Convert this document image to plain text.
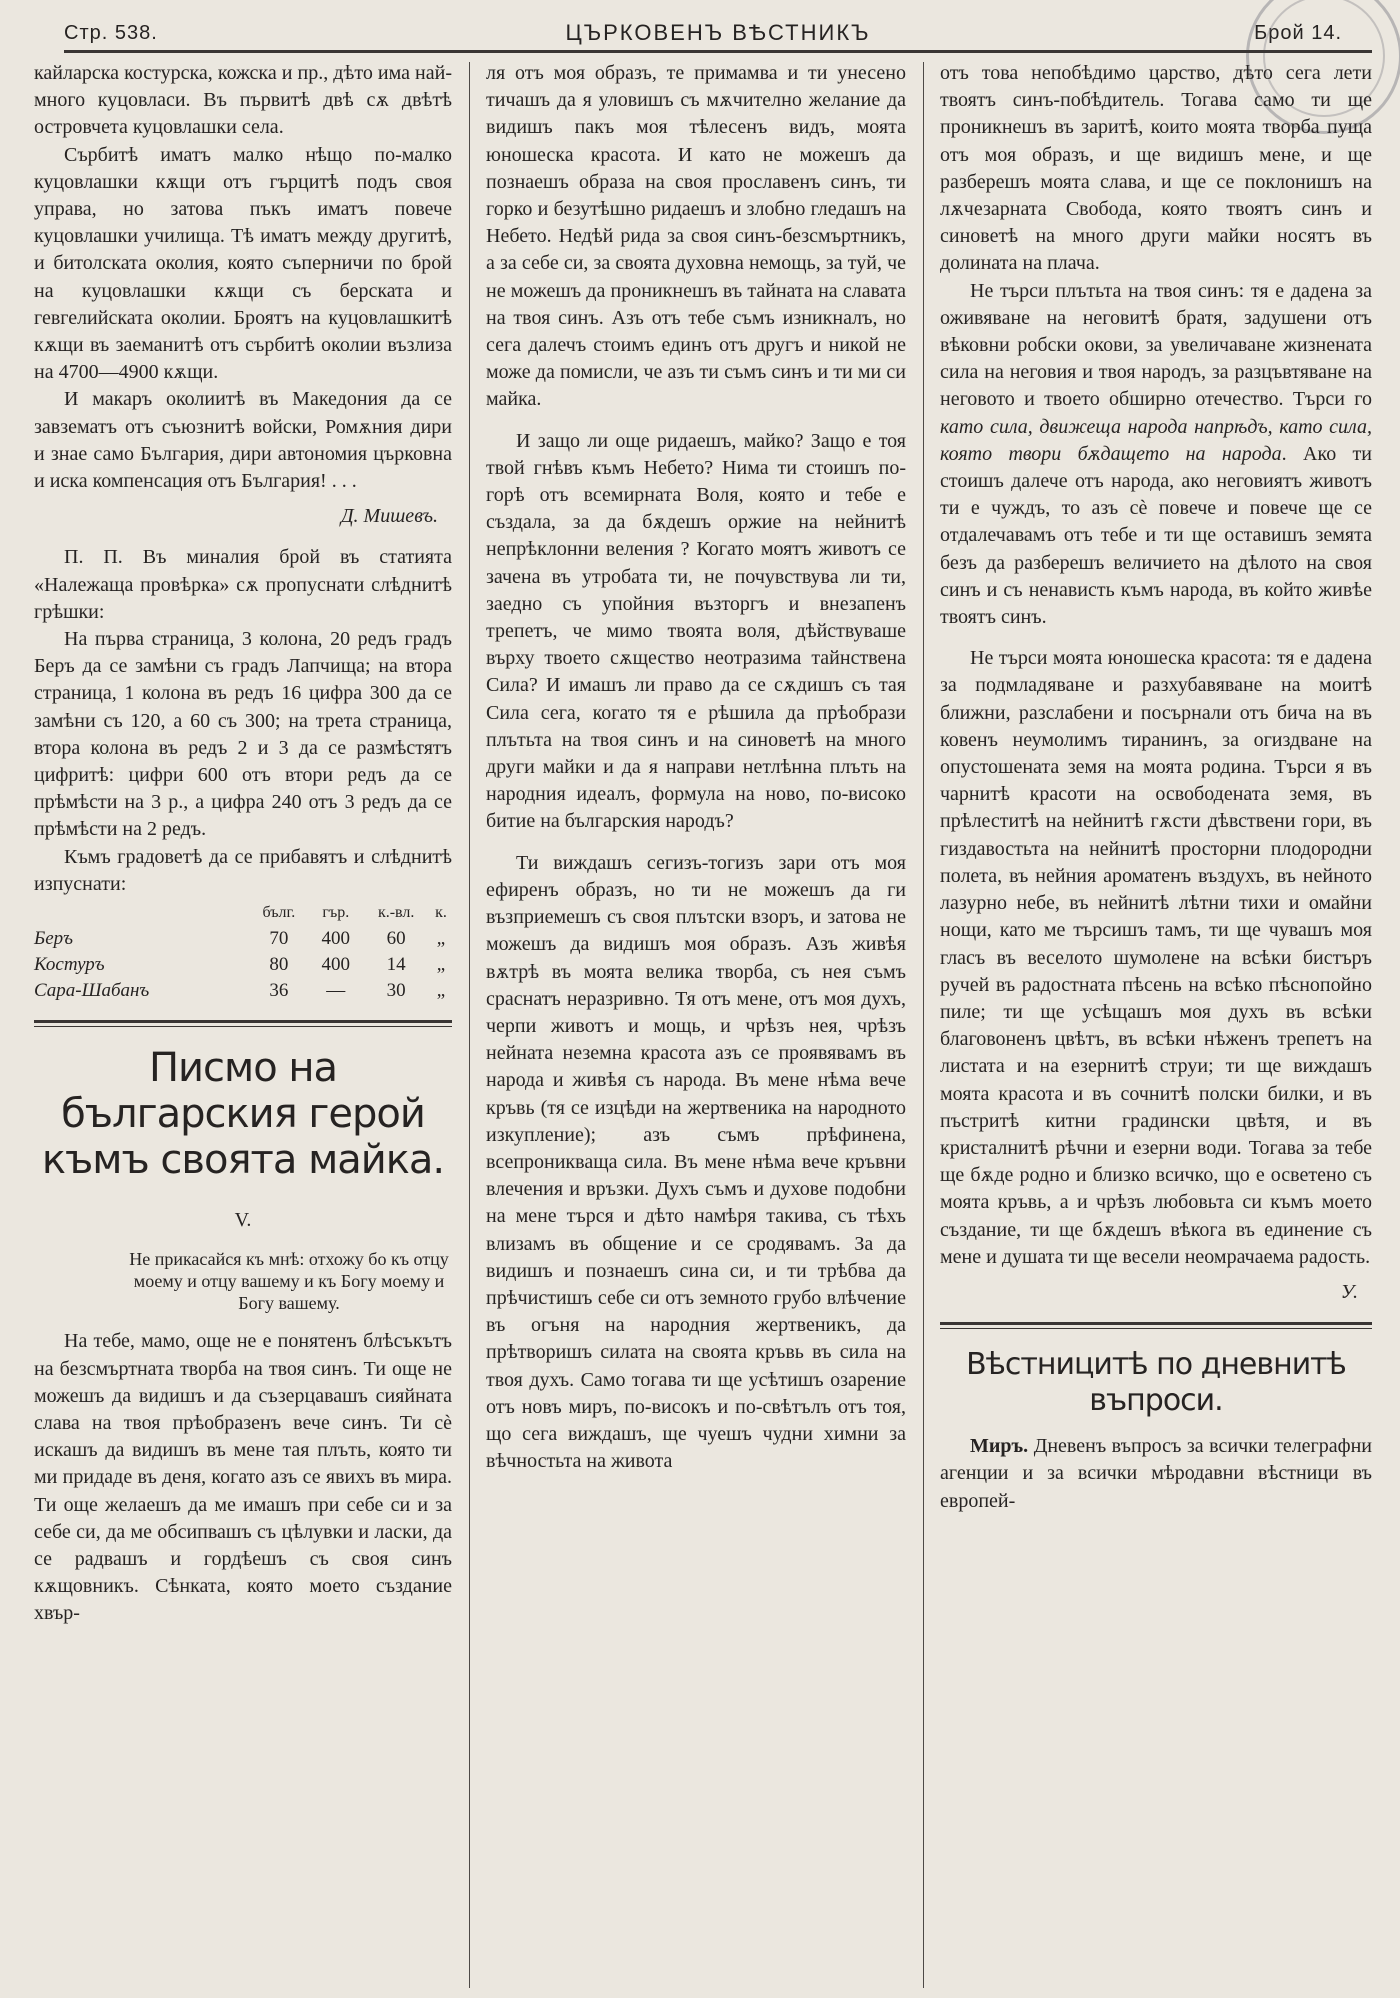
Стр. 538.	ЦЪРКОВЕНЪ ВѢСТНИКЪ	Брой 14.

кайларска костурска, кожска и пр., дѣто има най-много куцовласи. Въ първитѣ двѣ сѫ двѣтѣ островчета куцовлашки села.

Сърбитѣ иматъ малко нѣщо по-малко куцовлашки кѫщи отъ гърцитѣ подъ своя управа, но затова пъкъ иматъ повече куцовлашки училища. Тѣ иматъ между другитѣ, и битолската околия, която съперничи по брой на куцовлашки кѫщи съ берската и гевгелийската околии. Броятъ на куцовлашкитѣ кѫщи въ заеманитѣ отъ сърбитѣ околии възлиза на 4700—4900 кѫщи.

И макаръ околиитѣ въ Македония да се завзематъ отъ съюзнитѣ войски, Ромѫния дири и знае само България, дири автономия църковна и иска компенсация отъ България! . . .

Д. Мишевъ.

П. П. Въ миналия брой въ статията «Належаща провѣрка» сѫ пропуснати слѣднитѣ грѣшки:

На първа страница, 3 колона, 20 редъ градъ Беръ да се замѣни съ градъ Лапчища; на втора страница, 1 колона въ редъ 16 цифра 300 да се замѣни съ 120, а 60 съ 300; на трета страница, втора колона въ редъ 2 и 3 да се размѣстятъ цифритѣ: цифри 600 отъ втори редъ да се прѣмѣсти на 3 р., а цифра 240 отъ 3 редъ да се прѣмѣсти на 2 редъ.

Къмъ градоветѣ да се прибавятъ и слѣднитѣ изпуснати:

	бълг.	гър.	к.-вл.	к.
Беръ	70	400	60	„
Костуръ	80	400	14	„
Сара-Шабанъ	36	—	30	„
Писмо на българския герой
къмъ своята майка.
V.
Не прикасайся къ мнѣ: отхожу бо къ отцу моему и отцу вашему и къ Богу моему и Богу вашему.

На тебе, мамо, още не е понятенъ блѣсъкътъ на безсмъртната творба на твоя синъ. Ти още не можешъ да видишъ и да съзерцавашъ сияйната слава на твоя прѣобразенъ вече синъ. Ти сѐ искашъ да видишъ въ мене тая плъть, която ти ми придаде въ деня, когато азъ се явихъ въ мира. Ти още желаешъ да ме имашъ при себе си и за себе си, да ме обсипвашъ съ цѣлувки и ласки, да се радвашъ и гордѣешъ съ своя синъ кѫщовникъ. Сѣнката, която моето създание хвър-

ля отъ моя образъ, те примамва и ти унесено тичашъ да я уловишъ съ мѫчително желание да видишъ пакъ моя тѣлесенъ видъ, моята юношеска красота. И като не можешъ да познаешъ образа на своя прославенъ синъ, ти горко и безутѣшно ридаешъ и злобно гледашъ на Небето. Недѣй рида за своя синъ-безсмъртникъ, а за себе си, за своята духовна немощь, за туй, че не можешъ да проникнешъ въ тайната на славата на твоя синъ. Азъ отъ тебе съмъ изникналъ, но сега далечъ стоимъ единъ отъ другъ и никой не може да помисли, че азъ ти съмъ синъ и ти ми си майка.

И защо ли още ридаешъ, майко? Защо е тоя твой гнѣвъ къмъ Небето? Нима ти стоишъ по-горѣ отъ всемирната Воля, която и тебе е създала, за да бѫдешъ оржие на нейнитѣ непрѣклонни веления ? Когато моятъ животъ се зачена въ утробата ти, не почувствува ли ти, заедно съ упойния възторгъ и внезапенъ трепетъ, че мимо твоята воля, дѣйствуваше върху твоето сѫщество неотразима тайнствена Сила? И имашъ ли право да се сѫдишъ съ тая Сила сега, когато тя е рѣшила да прѣобрази плътьта на твоя синъ и на синоветѣ на много други майки и да я направи нетлѣнна плъть на народния идеалъ, формула на ново, по-високо битие на българския народъ?

Ти виждашъ сегизъ-тогизъ зари отъ моя ефиренъ образъ, но ти не можешъ да ги възприемешъ съ своя плътски взоръ, и затова не можешъ да видишъ моя образъ. Азъ живѣя вѫтрѣ въ моята велика творба, съ нея съмъ сраснатъ неразривно. Тя отъ мене, отъ моя духъ, черпи животъ и мощь, и чрѣзъ нея, чрѣзъ нейната неземна красота азъ се проявявамъ въ народа и живѣя съ народа. Въ мене нѣма вече кръвь (тя се изцѣди на жертвеника на народното изкупление); азъ съмъ прѣфинена, всепроникваща сила. Въ мене нѣма вече кръвни влечения и връзки. Духъ съмъ и духове подобни на мене търся и дѣто намѣря такива, съ тѣхъ влизамъ въ общение и се сродявамъ. За да видишъ и познаешъ сина си, и ти трѣбва да прѣчистишъ себе си отъ земното грубо влѣчение въ огъня на народния жертвеникъ, да прѣтворишъ силата на своята кръвь въ сила на твоя духъ. Само тогава ти ще усѣтишъ озарение отъ новъ миръ, по-високъ и по-свѣтълъ отъ тоя, що сега виждашъ, ще чуешъ чудни химни за вѣчностьта на живота

отъ това непобѣдимо царство, дѣто сега лети твоятъ синъ-побѣдитель. Тогава само ти ще проникнешъ въ заритѣ, които моята творба пуща отъ моя образъ, и ще видишъ мене, и ще разберешъ моята слава, и ще се поклонишъ на лѫчезарната Свобода, която твоятъ синъ и синоветѣ на много други майки носятъ въ долината на плача.

Не търси плътьта на твоя синъ: тя е дадена за оживяване на неговитѣ братя, задушени отъ вѣковни робски окови, за увеличаване жизнената сила на неговия и твоя народъ, за разцъвтяване на неговото и твоето обширно отечество. Търси го като сила, движеща народа напрѣдъ, като сила, която твори бѫдащето на народа. Ако ти стоишъ далече отъ народа, ако неговиятъ животъ ти е чуждъ, то азъ сѐ повече и повече ще се отдалечавамъ отъ тебе и ти ще оставишъ земята безъ да разберешъ величието на дѣлото на своя синъ и съ ненависть къмъ народа, въ който живѣе твоятъ синъ.

Не търси моята юношеска красота: тя е дадена за подмладяване и разхубавяване на моитѣ ближни, разслабени и посърнали отъ бича на въ ковенъ неумолимъ тиранинъ, за огиздване на опустошената земя на моята родина. Търси я въ чарнитѣ красоти на освободената земя, въ прѣлеститѣ на нейнитѣ гѫсти дѣвствени гори, въ гиздавостьта на нейнитѣ просторни плодородни полета, въ нейния ароматенъ въздухъ, въ нейното лазурно небе, въ нейнитѣ лѣтни тихи и омайни нощи, като ме търсишъ тамъ, ти ще чувашъ моя гласъ въ веселото шумолене на всѣки бистъръ ручей въ радостната пѣсень на всѣко пѣснопойно пиле; ти ще усѣщашъ моя духъ въ всѣки благовоненъ цвѣтъ, въ всѣки нѣженъ трепетъ на листата и на езернитѣ струи; ти ще виждашъ моята красота и въ сочнитѣ полски билки, и въ пъстритѣ китни градински цвѣтя, и въ кристалнитѣ рѣчни и езерни води. Тогава за тебе ще бѫде родно и близко всичко, що е осветено съ моята кръвь, а и чрѣзъ любовьта си къмъ моето създание, ти ще бѫдешъ вѣкога въ единение съ мене и душата ти ще весели неомрачаема радость.

У.
Вѣстницитѣ по дневнитѣ въпроси.

Миръ. Дневенъ въпросъ за всички телеграфни агенции и за всички мѣродавни вѣстници въ европей-
